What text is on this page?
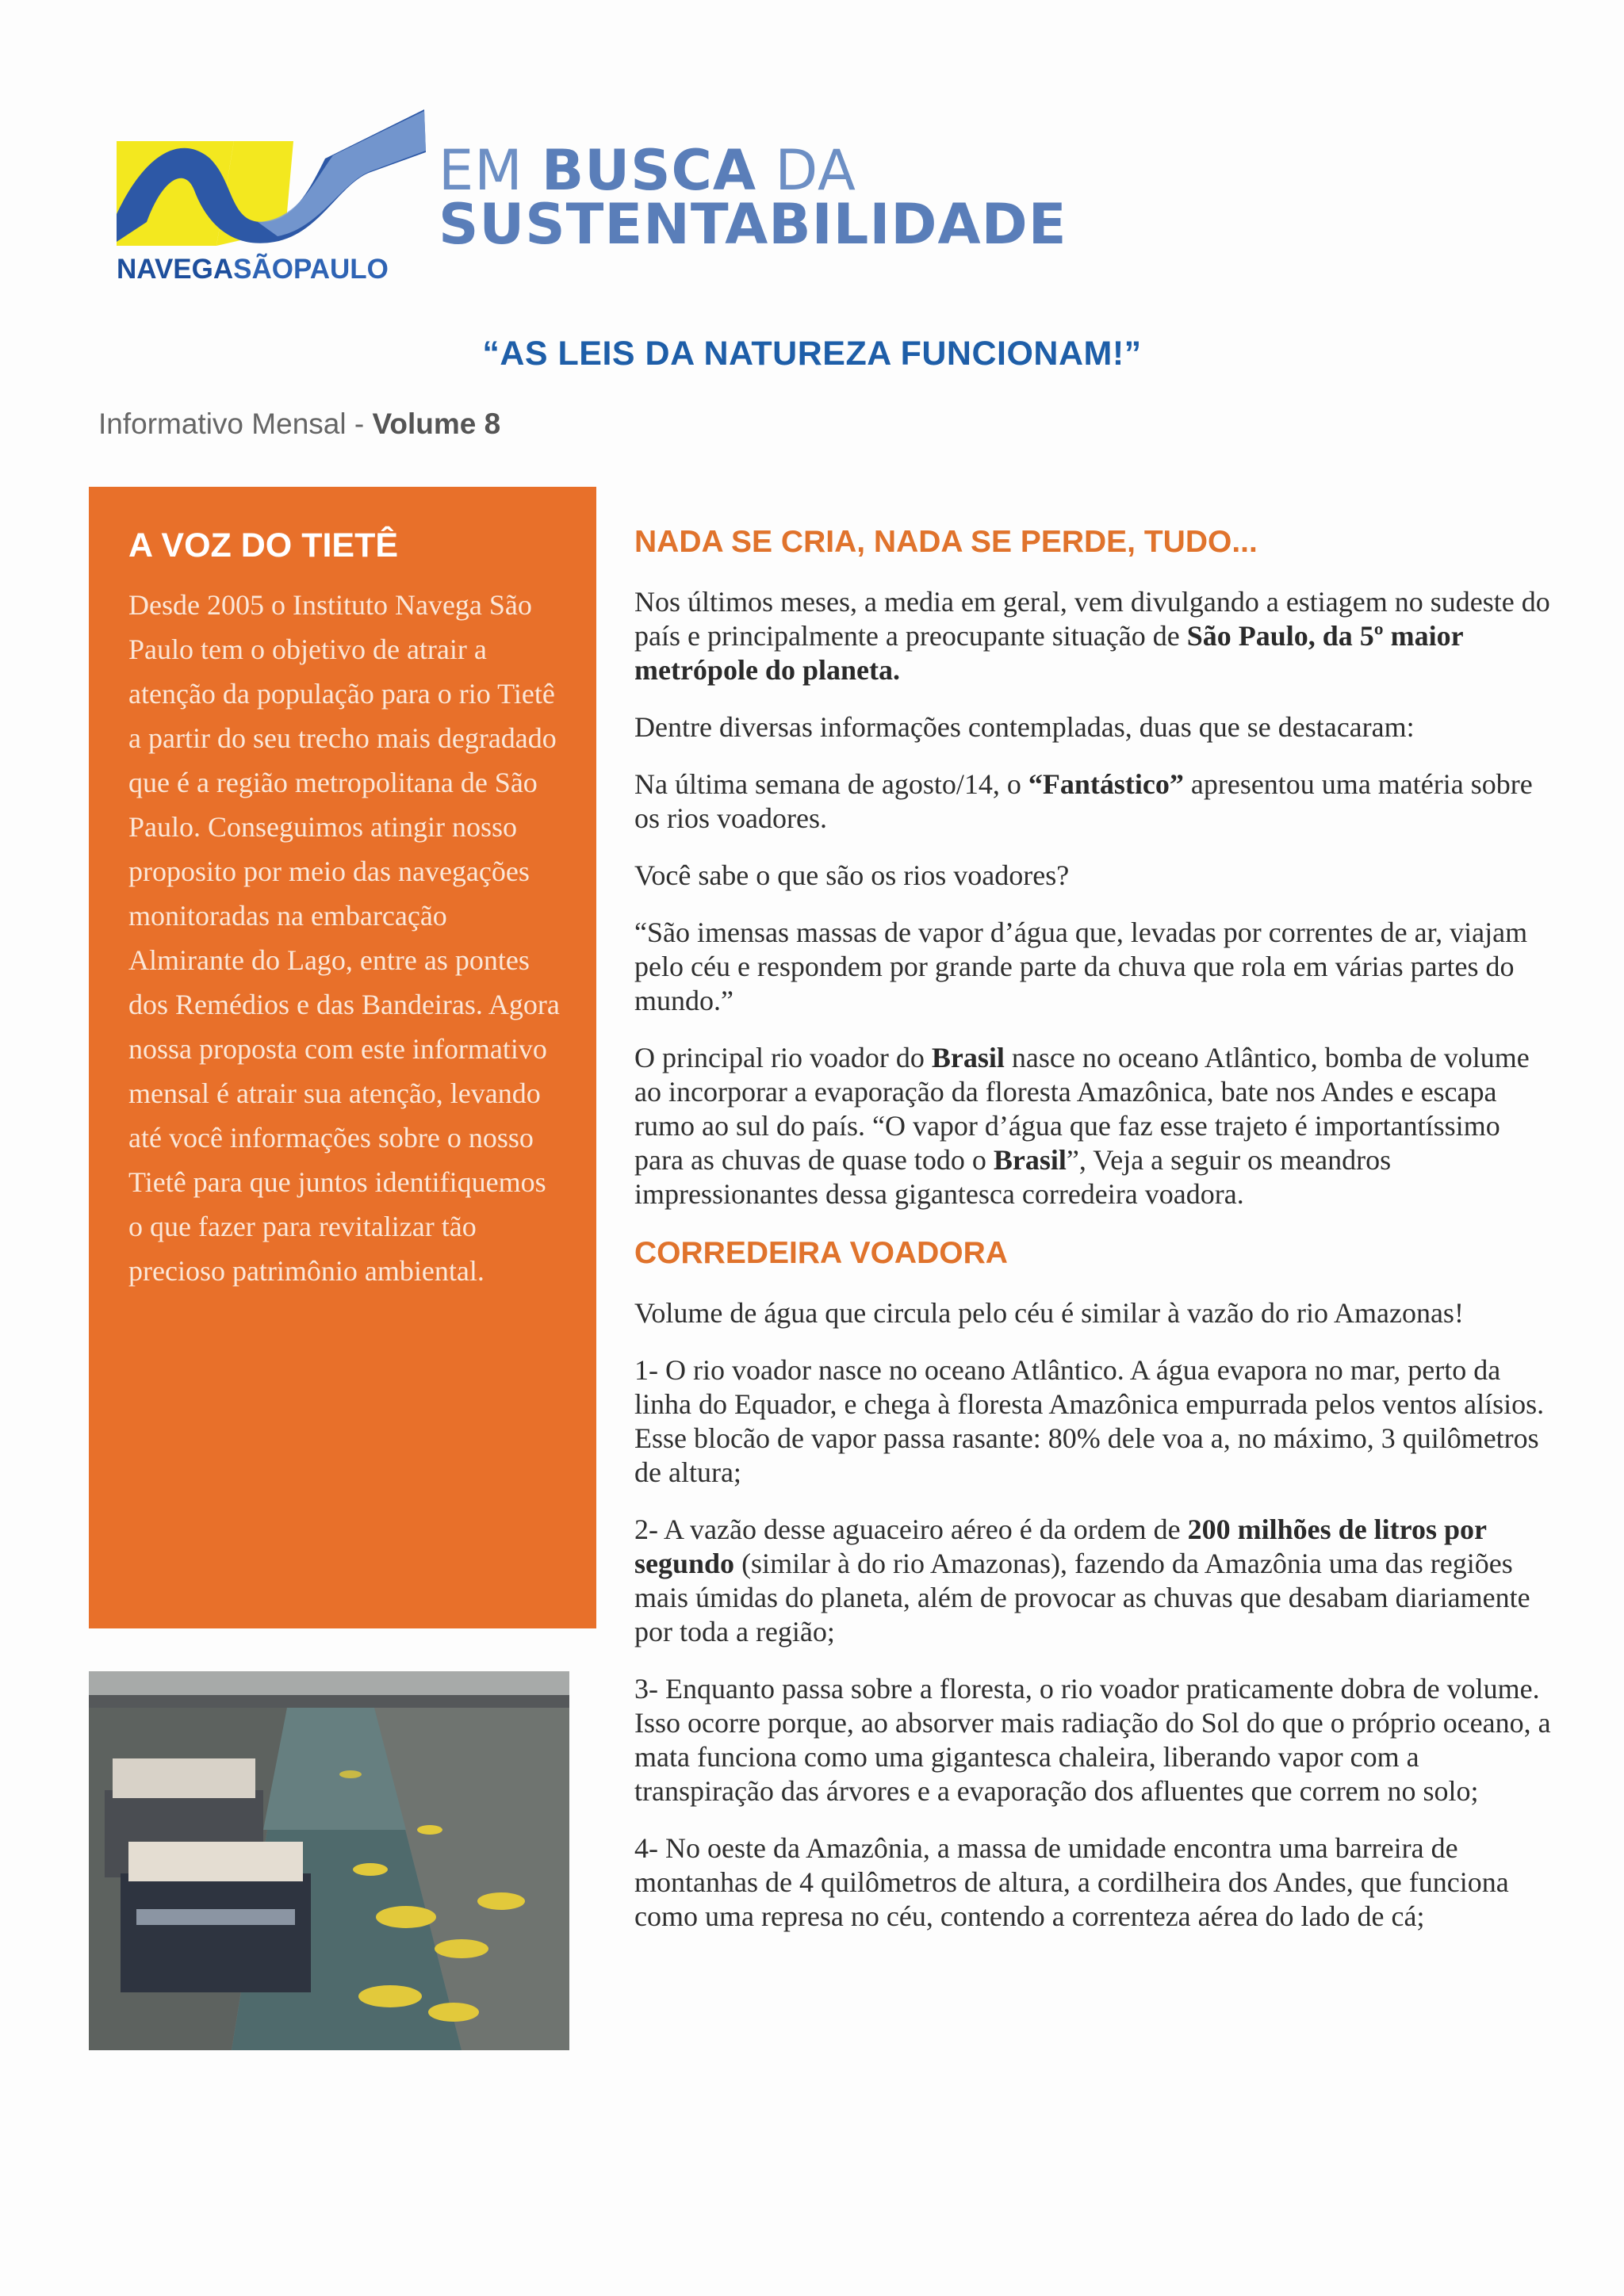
EM BUSCA DA
SUSTENTABILIDADE
NAVEGASÃOPAULO
“AS LEIS DA NATUREZA FUNCIONAM!”
Informativo Mensal - Volume 8
A VOZ DO TIETÊ

Desde 2005 o Instituto Navega São Paulo tem o objetivo de atrair a atenção da população para o rio Tietê a partir do seu trecho mais degradado que é a região metropolitana de São Paulo. Conseguimos atingir nosso proposito por meio das navegações monitoradas na embarcação Almirante do Lago, entre as pontes dos Remédios e das Bandeiras. Agora nossa proposta com este informativo mensal é atrair sua atenção, levando até você informações sobre o nosso Tietê para que juntos identifiquemos o que fazer para revitalizar tão precioso patrimônio ambiental.

NADA SE CRIA, NADA SE PERDE, TUDO...

Nos últimos meses, a media em geral, vem divulgando a estiagem no sudeste do país e principalmente a preocupante situação de São Paulo, da 5º maior metrópole do planeta.

Dentre diversas informações contempladas, duas que se destacaram:

Na última semana de agosto/14, o “Fantástico” apresentou uma matéria sobre os rios voadores.

Você sabe o que são os rios voadores?

“São imensas massas de vapor d’água que, levadas por correntes de ar, viajam pelo céu e respondem por grande parte da chuva que rola em várias partes do mundo.”

O principal rio voador do Brasil nasce no oceano Atlântico, bomba de volume ao incorporar a evaporação da floresta Amazônica, bate nos Andes e escapa rumo ao sul do país. “O vapor d’água que faz esse trajeto é importantíssimo para as chuvas de quase todo o Brasil”, Veja a seguir os meandros impressionantes dessa gigantesca corredeira voadora.

CORREDEIRA VOADORA

Volume de água que circula pelo céu é similar à vazão do rio Amazonas!

1- O rio voador nasce no oceano Atlântico. A água evapora no mar, perto da linha do Equador, e chega à floresta Amazônica empurrada pelos ventos alísios. Esse blocão de vapor passa rasante: 80% dele voa a, no máximo, 3 quilômetros de altura;

2- A vazão desse aguaceiro aéreo é da ordem de 200 milhões de litros por segundo (similar à do rio Amazonas), fazendo da Amazônia uma das regiões mais úmidas do planeta, além de provocar as chuvas que desabam diariamente por toda a região;

3- Enquanto passa sobre a floresta, o rio voador praticamente dobra de volume. Isso ocorre porque, ao absorver mais radiação do Sol do que o próprio oceano, a mata funciona como uma gigantesca chaleira, liberando vapor com a transpiração das árvores e a evaporação dos afluentes que correm no solo;

4- No oeste da Amazônia, a massa de umidade encontra uma barreira de montanhas de 4 quilômetros de altura, a cordilheira dos Andes, que funciona como uma represa no céu, contendo a correnteza aérea do lado de cá;
